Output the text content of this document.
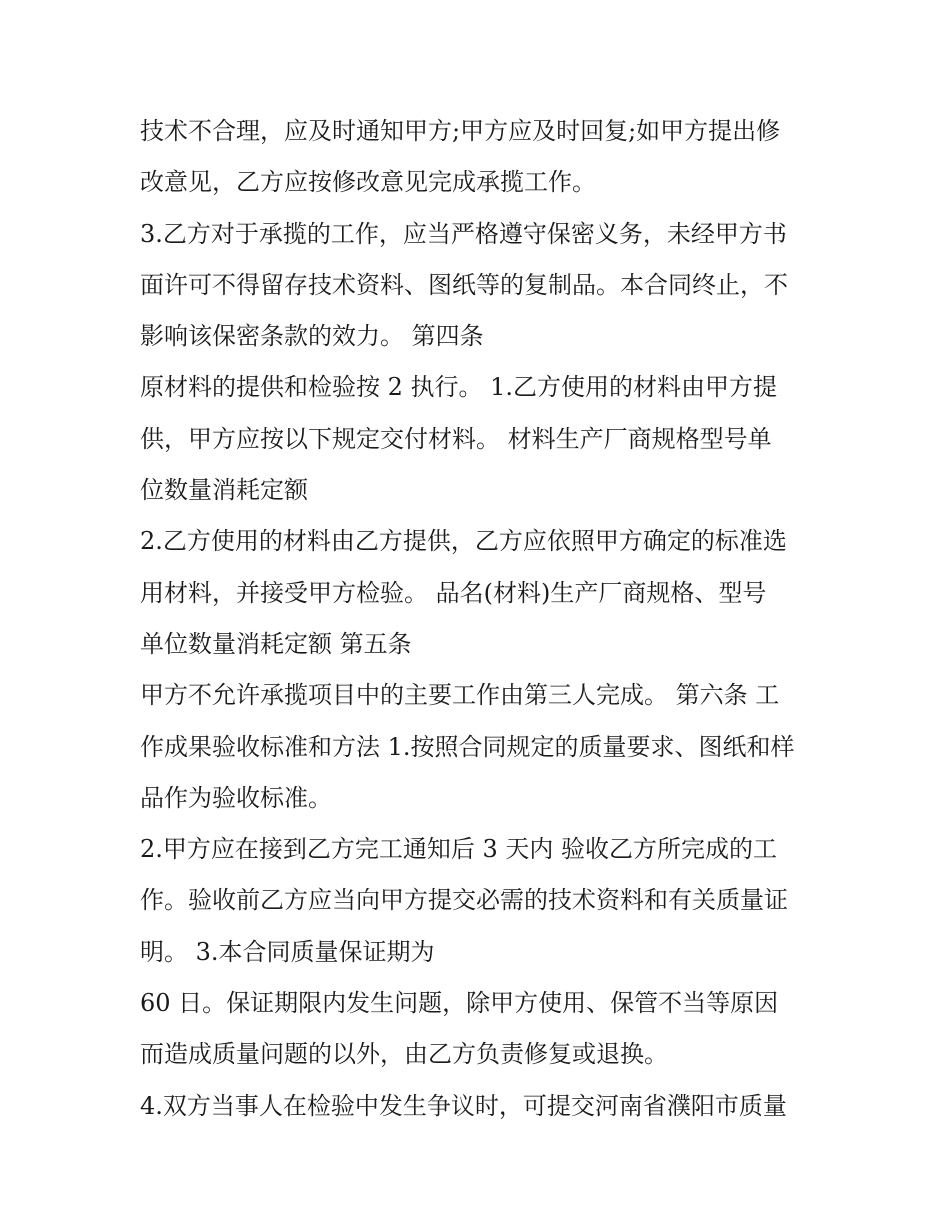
技术不合理，应及时通知甲方;甲方应及时回复;如甲方提出修
改意见，乙方应按修改意见完成承揽工作。
3.乙方对于承揽的工作，应当严格遵守保密义务，未经甲方书
面许可不得留存技术资料、图纸等的复制品。本合同终止，不
影响该保密条款的效力。 第四条
原材料的提供和检验按 2 执行。 1.乙方使用的材料由甲方提
供，甲方应按以下规定交付材料。 材料生产厂商规格型号单
位数量消耗定额
2.乙方使用的材料由乙方提供，乙方应依照甲方确定的标准选
用材料，并接受甲方检验。 品名(材料)生产厂商规格、型号
单位数量消耗定额 第五条
甲方不允许承揽项目中的主要工作由第三人完成。 第六条 工
作成果验收标准和方法 1.按照合同规定的质量要求、图纸和样
品作为验收标准。
2.甲方应在接到乙方完工通知后 3 天内 验收乙方所完成的工
作。验收前乙方应当向甲方提交必需的技术资料和有关质量证
明。 3.本合同质量保证期为
60 日。保证期限内发生问题，除甲方使用、保管不当等原因
而造成质量问题的以外，由乙方负责修复或退换。
4.双方当事人在检验中发生争议时，可提交河南省濮阳市质量
